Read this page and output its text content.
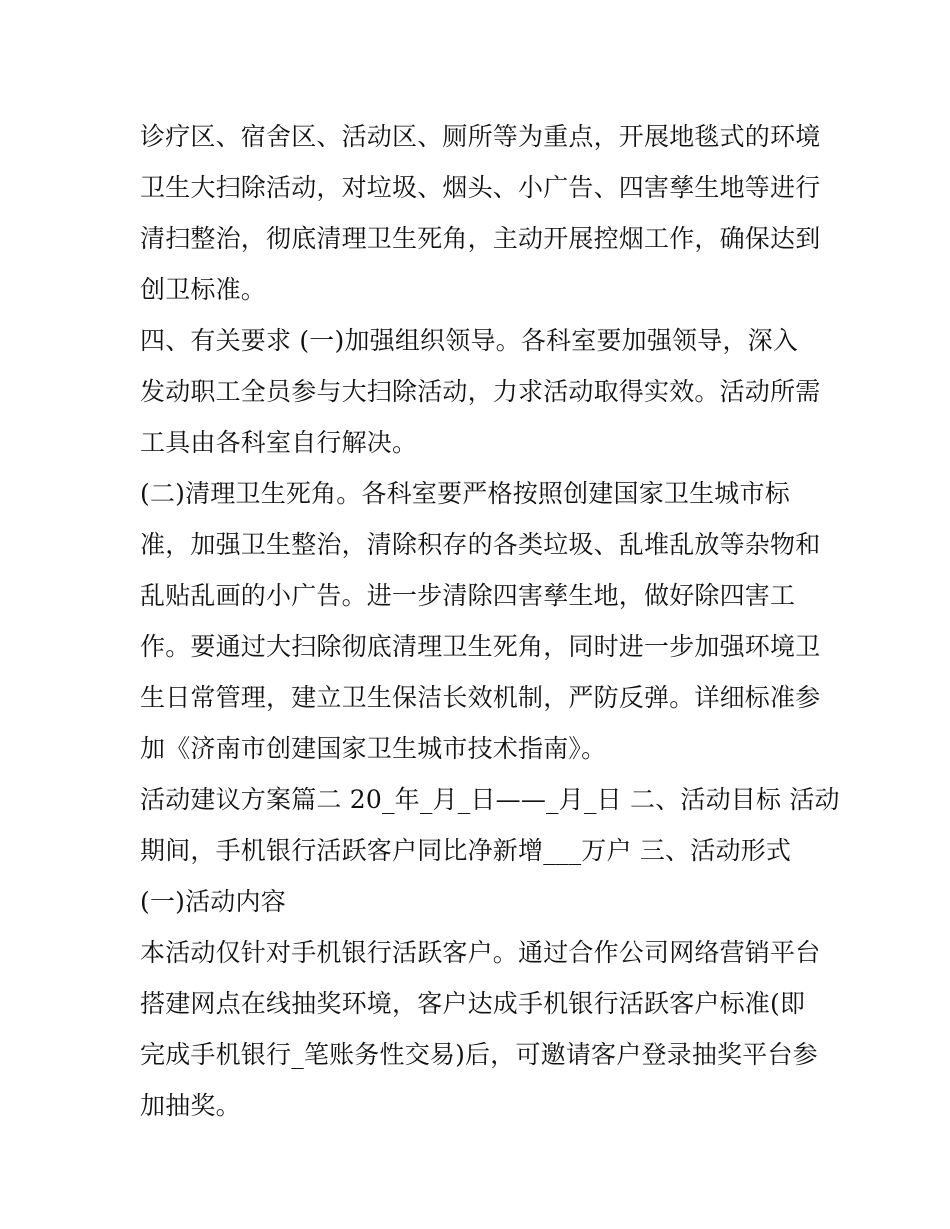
诊疗区、宿舍区、活动区、厕所等为重点，开展地毯式的环境
卫生大扫除活动，对垃圾、烟头、小广告、四害孳生地等进行
清扫整治，彻底清理卫生死角，主动开展控烟工作，确保达到
创卫标准。
四、有关要求 (一)加强组织领导。各科室要加强领导，深入
发动职工全员参与大扫除活动，力求活动取得实效。活动所需
工具由各科室自行解决。
(二)清理卫生死角。各科室要严格按照创建国家卫生城市标
准，加强卫生整治，清除积存的各类垃圾、乱堆乱放等杂物和
乱贴乱画的小广告。进一步清除四害孳生地，做好除四害工
作。要通过大扫除彻底清理卫生死角，同时进一步加强环境卫
生日常管理，建立卫生保洁长效机制，严防反弹。详细标准参
加《济南市创建国家卫生城市技术指南》。
活动建议方案篇二 20_年_月_日——_月_日 二、活动目标 活动
期间，手机银行活跃客户同比净新增___万户 三、活动形式
(一)活动内容
本活动仅针对手机银行活跃客户。通过合作公司网络营销平台
搭建网点在线抽奖环境，客户达成手机银行活跃客户标准(即
完成手机银行_笔账务性交易)后，可邀请客户登录抽奖平台参
加抽奖。
